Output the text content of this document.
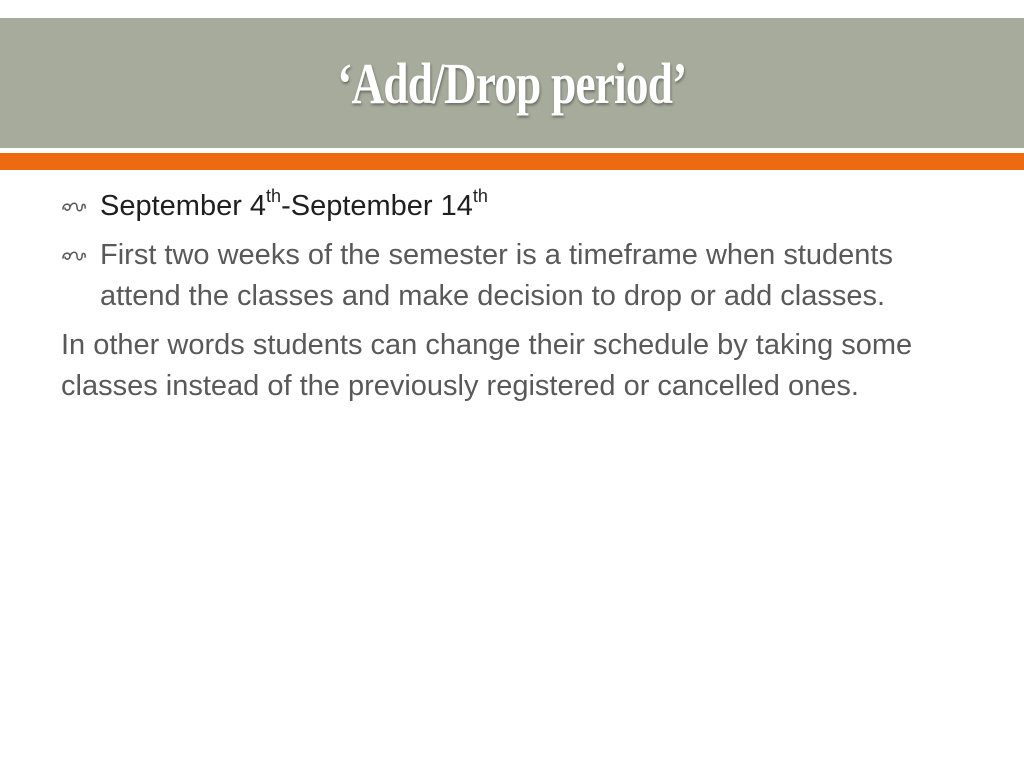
‘Add/Drop period’
September 4th-September 14th
First two weeks of the semester is a timeframe when students attend the classes and make decision to drop or add classes.

In other words students can change their schedule by taking some classes instead of the previously registered or cancelled ones.
